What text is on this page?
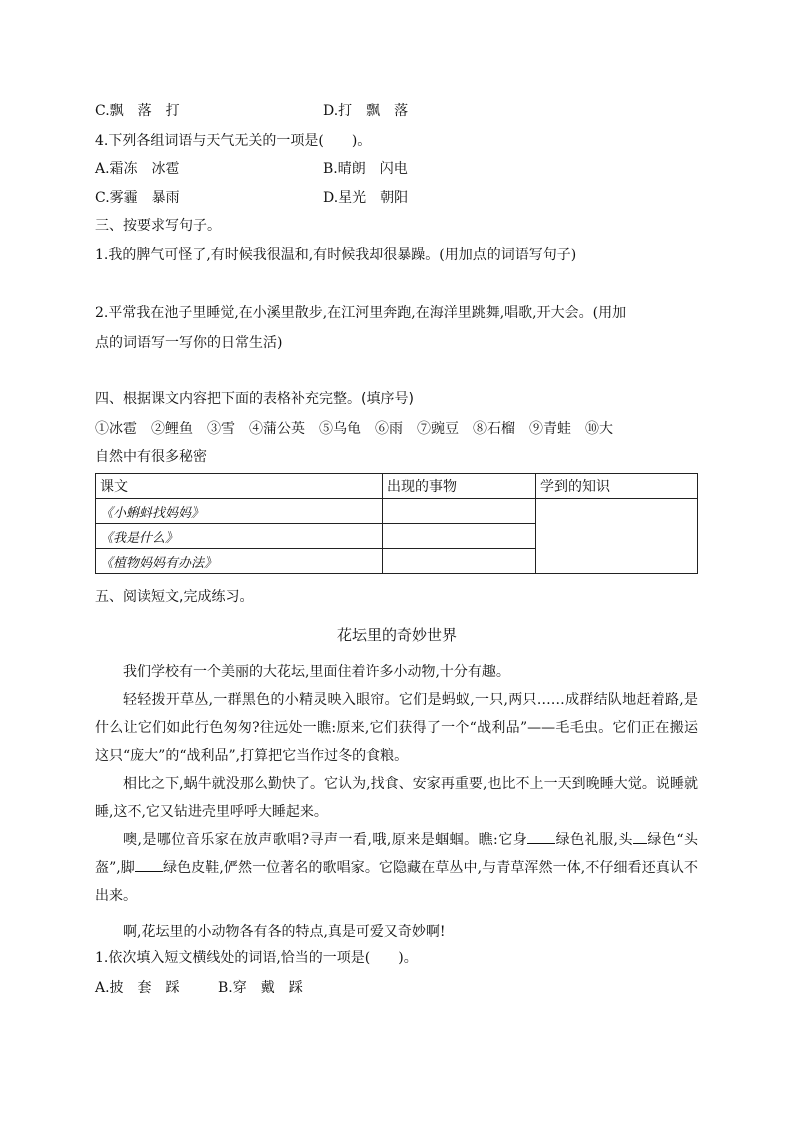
C.飘　落　打	D.打　飘　落
4.下列各组词语与天气无关的一项是(　　)。
A.霜冻　冰雹	B.晴朗　闪电
C.雾霾　暴雨	D.星光　朝阳
三、按要求写句子。
1.我的脾气可怪了,有时候我很温和,有时候我却很暴躁。(用加点的词语写句子)
2.平常我在池子里睡觉,在小溪里散步,在江河里奔跑,在海洋里跳舞,唱歌,开大会。(用加
点的词语写一写你的日常生活)
四、根据课文内容把下面的表格补充完整。(填序号)
①冰雹　②鲤鱼　③雪　④蒲公英　⑤乌龟　⑥雨　⑦豌豆　⑧石榴　⑨青蛙　⑩大
自然中有很多秘密
课文	出现的事物	学到的知识
《小蝌蚪找妈妈》		
《我是什么》		
《植物妈妈有办法》		
五、阅读短文,完成练习。
花坛里的奇妙世界
我们学校有一个美丽的大花坛,里面住着许多小动物,十分有趣。
轻轻拨开草丛,一群黑色的小精灵映入眼帘。它们是蚂蚁,一只,两只……成群结队地赶着路,是什么让它们如此行色匆匆?往远处一瞧:原来,它们获得了一个“战利品”——毛毛虫。它们正在搬运这只“庞大”的“战利品”,打算把它当作过冬的食粮。
相比之下,蜗牛就没那么勤快了。它认为,找食、安家再重要,也比不上一天到晚睡大觉。说睡就睡,这不,它又钻进壳里呼呼大睡起来。
噢,是哪位音乐家在放声歌唱?寻声一看,哦,原来是蝈蝈。瞧:它身 绿色礼服,头 绿色“头盔”,脚 绿色皮鞋,俨然一位著名的歌唱家。它隐藏在草丛中,与青草浑然一体,不仔细看还真认不出来。
啊,花坛里的小动物各有各的特点,真是可爱又奇妙啊!
1.依次填入短文横线处的词语,恰当的一项是(　　)。
A.披　套　踩	B.穿　戴　踩
